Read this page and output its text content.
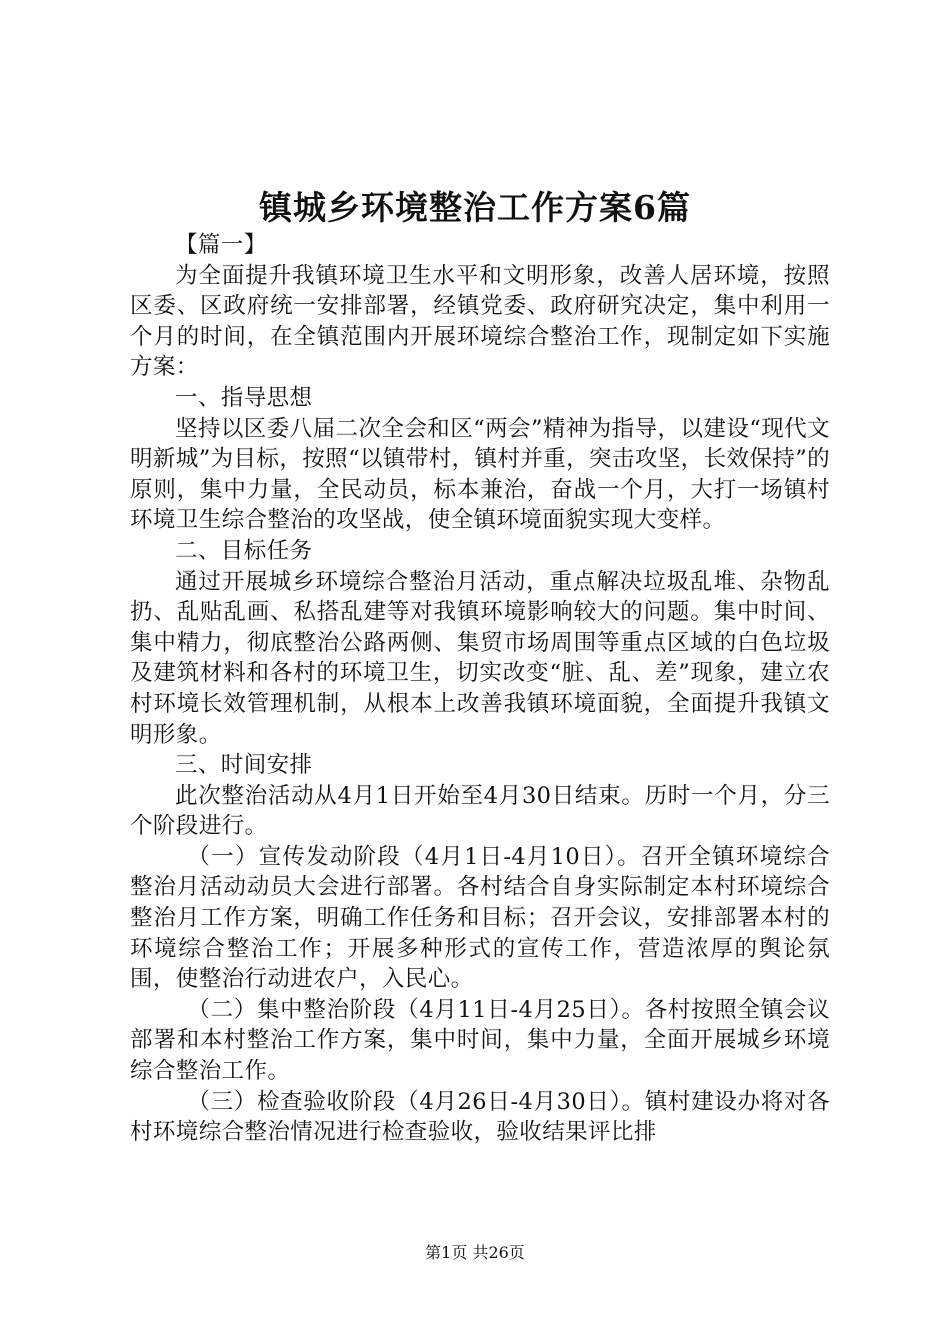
镇城乡环境整治工作方案6篇

【篇一】

为全面提升我镇环境卫生水平和文明形象，改善人居环境，按照区委、区政府统一安排部署，经镇党委、政府研究决定，集中利用一个月的时间，在全镇范围内开展环境综合整治工作，现制定如下实施方案：

一、指导思想

坚持以区委八届二次全会和区“两会”精神为指导，以建设“现代文明新城”为目标，按照“以镇带村，镇村并重，突击攻坚，长效保持”的原则，集中力量，全民动员，标本兼治，奋战一个月，大打一场镇村环境卫生综合整治的攻坚战，使全镇环境面貌实现大变样。

二、目标任务

通过开展城乡环境综合整治月活动，重点解决垃圾乱堆、杂物乱扔、乱贴乱画、私搭乱建等对我镇环境影响较大的问题。集中时间、集中精力，彻底整治公路两侧、集贸市场周围等重点区域的白色垃圾及建筑材料和各村的环境卫生，切实改变“脏、乱、差”现象，建立农村环境长效管理机制，从根本上改善我镇环境面貌，全面提升我镇文明形象。

三、时间安排

此次整治活动从4月1日开始至4月30日结束。历时一个月，分三个阶段进行。

（一）宣传发动阶段（4月1日-4月10日）。召开全镇环境综合整治月活动动员大会进行部署。各村结合自身实际制定本村环境综合整治月工作方案，明确工作任务和目标；召开会议，安排部署本村的环境综合整治工作；开展多种形式的宣传工作，营造浓厚的舆论氛围，使整治行动进农户，入民心。

（二）集中整治阶段（4月11日-4月25日）。各村按照全镇会议部署和本村整治工作方案，集中时间，集中力量，全面开展城乡环境综合整治工作。

（三）检查验收阶段（4月26日-4月30日）。镇村建设办将对各村环境综合整治情况进行检查验收，验收结果评比排

第1页 共26页
